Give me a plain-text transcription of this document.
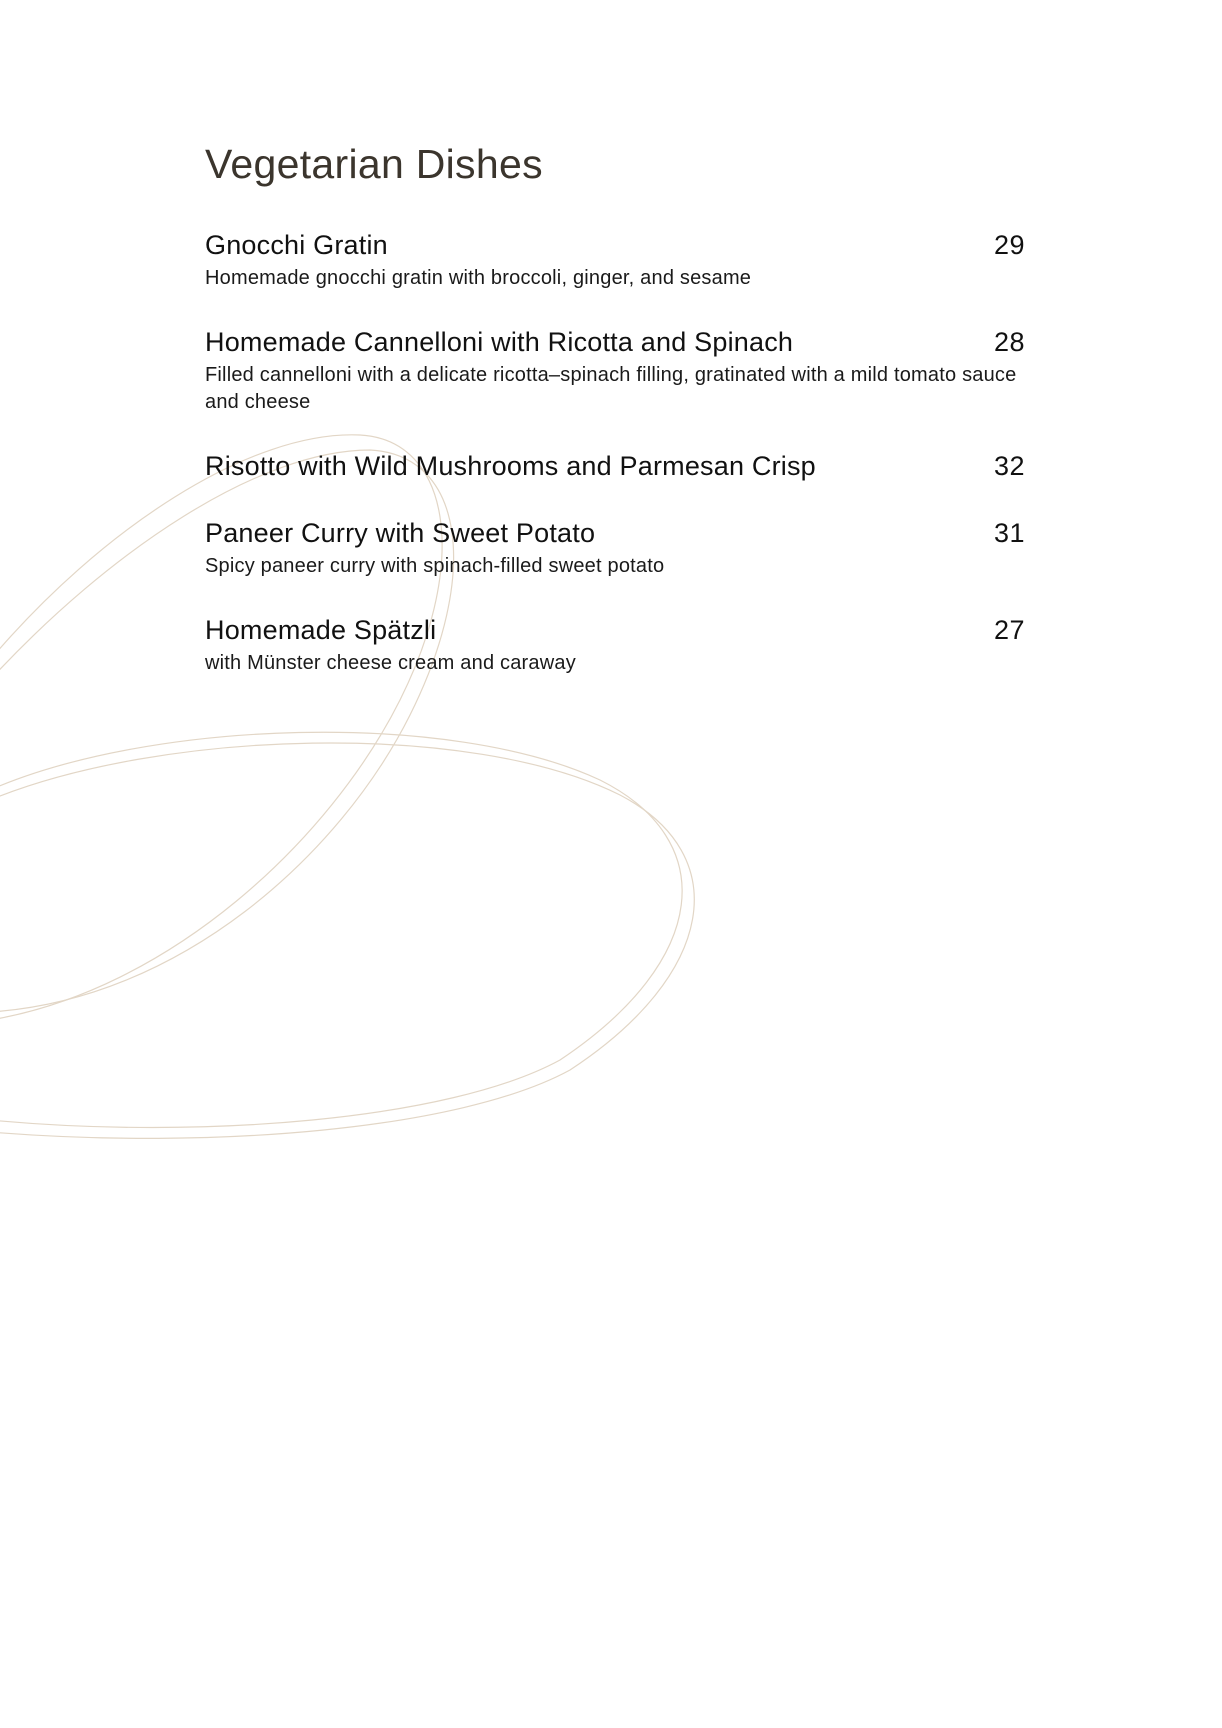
Vegetarian Dishes
Gnocchi Gratin	29
Homemade gnocchi gratin with broccoli, ginger, and sesame
Homemade Cannelloni with Ricotta and Spinach	28
Filled cannelloni with a delicate ricotta–spinach filling, gratinated with a mild tomato sauce and cheese
Risotto with Wild Mushrooms and Parmesan Crisp	32
Paneer Curry with Sweet Potato	31
Spicy paneer curry with spinach-filled sweet potato
Homemade Spätzli	27
with Münster cheese cream and caraway
